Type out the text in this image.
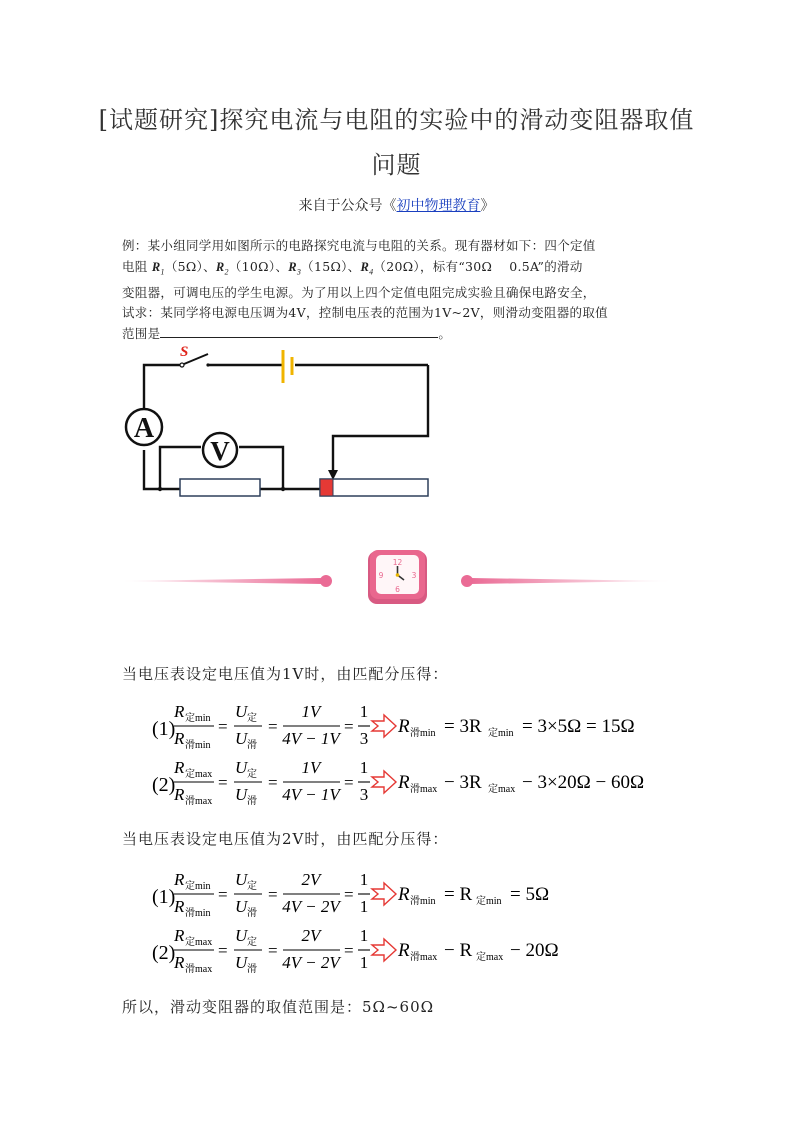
[试题研究]探究电流与电阻的实验中的滑动变阻器取值
问题
来自于公众号《初中物理教育》
例：某小组同学用如图所示的电路探究电流与电阻的关系。现有器材如下：四个定值
电阻 $R_1(5\Omega)$、$R_2(10\Omega)$、$R_3(15\Omega)$、$R_4(20\Omega)$，标有“30Ω　 0.5A”的滑动
变阻器，可调电压的学生电源。为了用以上四个定值电阻完成实验且确保电路安全，
试求：某同学将电源电压调为4V，控制电压表的范围为1V~2V，则滑动变阻器的取值
范围是	。
S
A
V
12
3
6
9
当电压表设定电压值为1V时，由匹配分压得：
(1)
R 定min
R 滑min
=
U 定
U 滑
=
1V
4V − 1V
=
1
3
R 滑min = 3R 定min = 3×5Ω = 15Ω
(2)
R 定max
R 滑max
=
U 定
U 滑
=
1V
4V − 1V
=
1
3
R 滑max − 3R 定max − 3×20Ω − 60Ω
当电压表设定电压值为2V时，由匹配分压得：
(1)
R 定min
R 滑min
=
U 定
U 滑
=
2V
4V − 2V
=
1
1
R 滑min = R 定min = 5Ω
(2)
R 定max
R 滑max
=
U 定
U 滑
=
2V
4V − 2V
=
1
1
R 滑max − R 定max − 20Ω
所以，滑动变阻器的取值范围是：5Ω~60Ω
